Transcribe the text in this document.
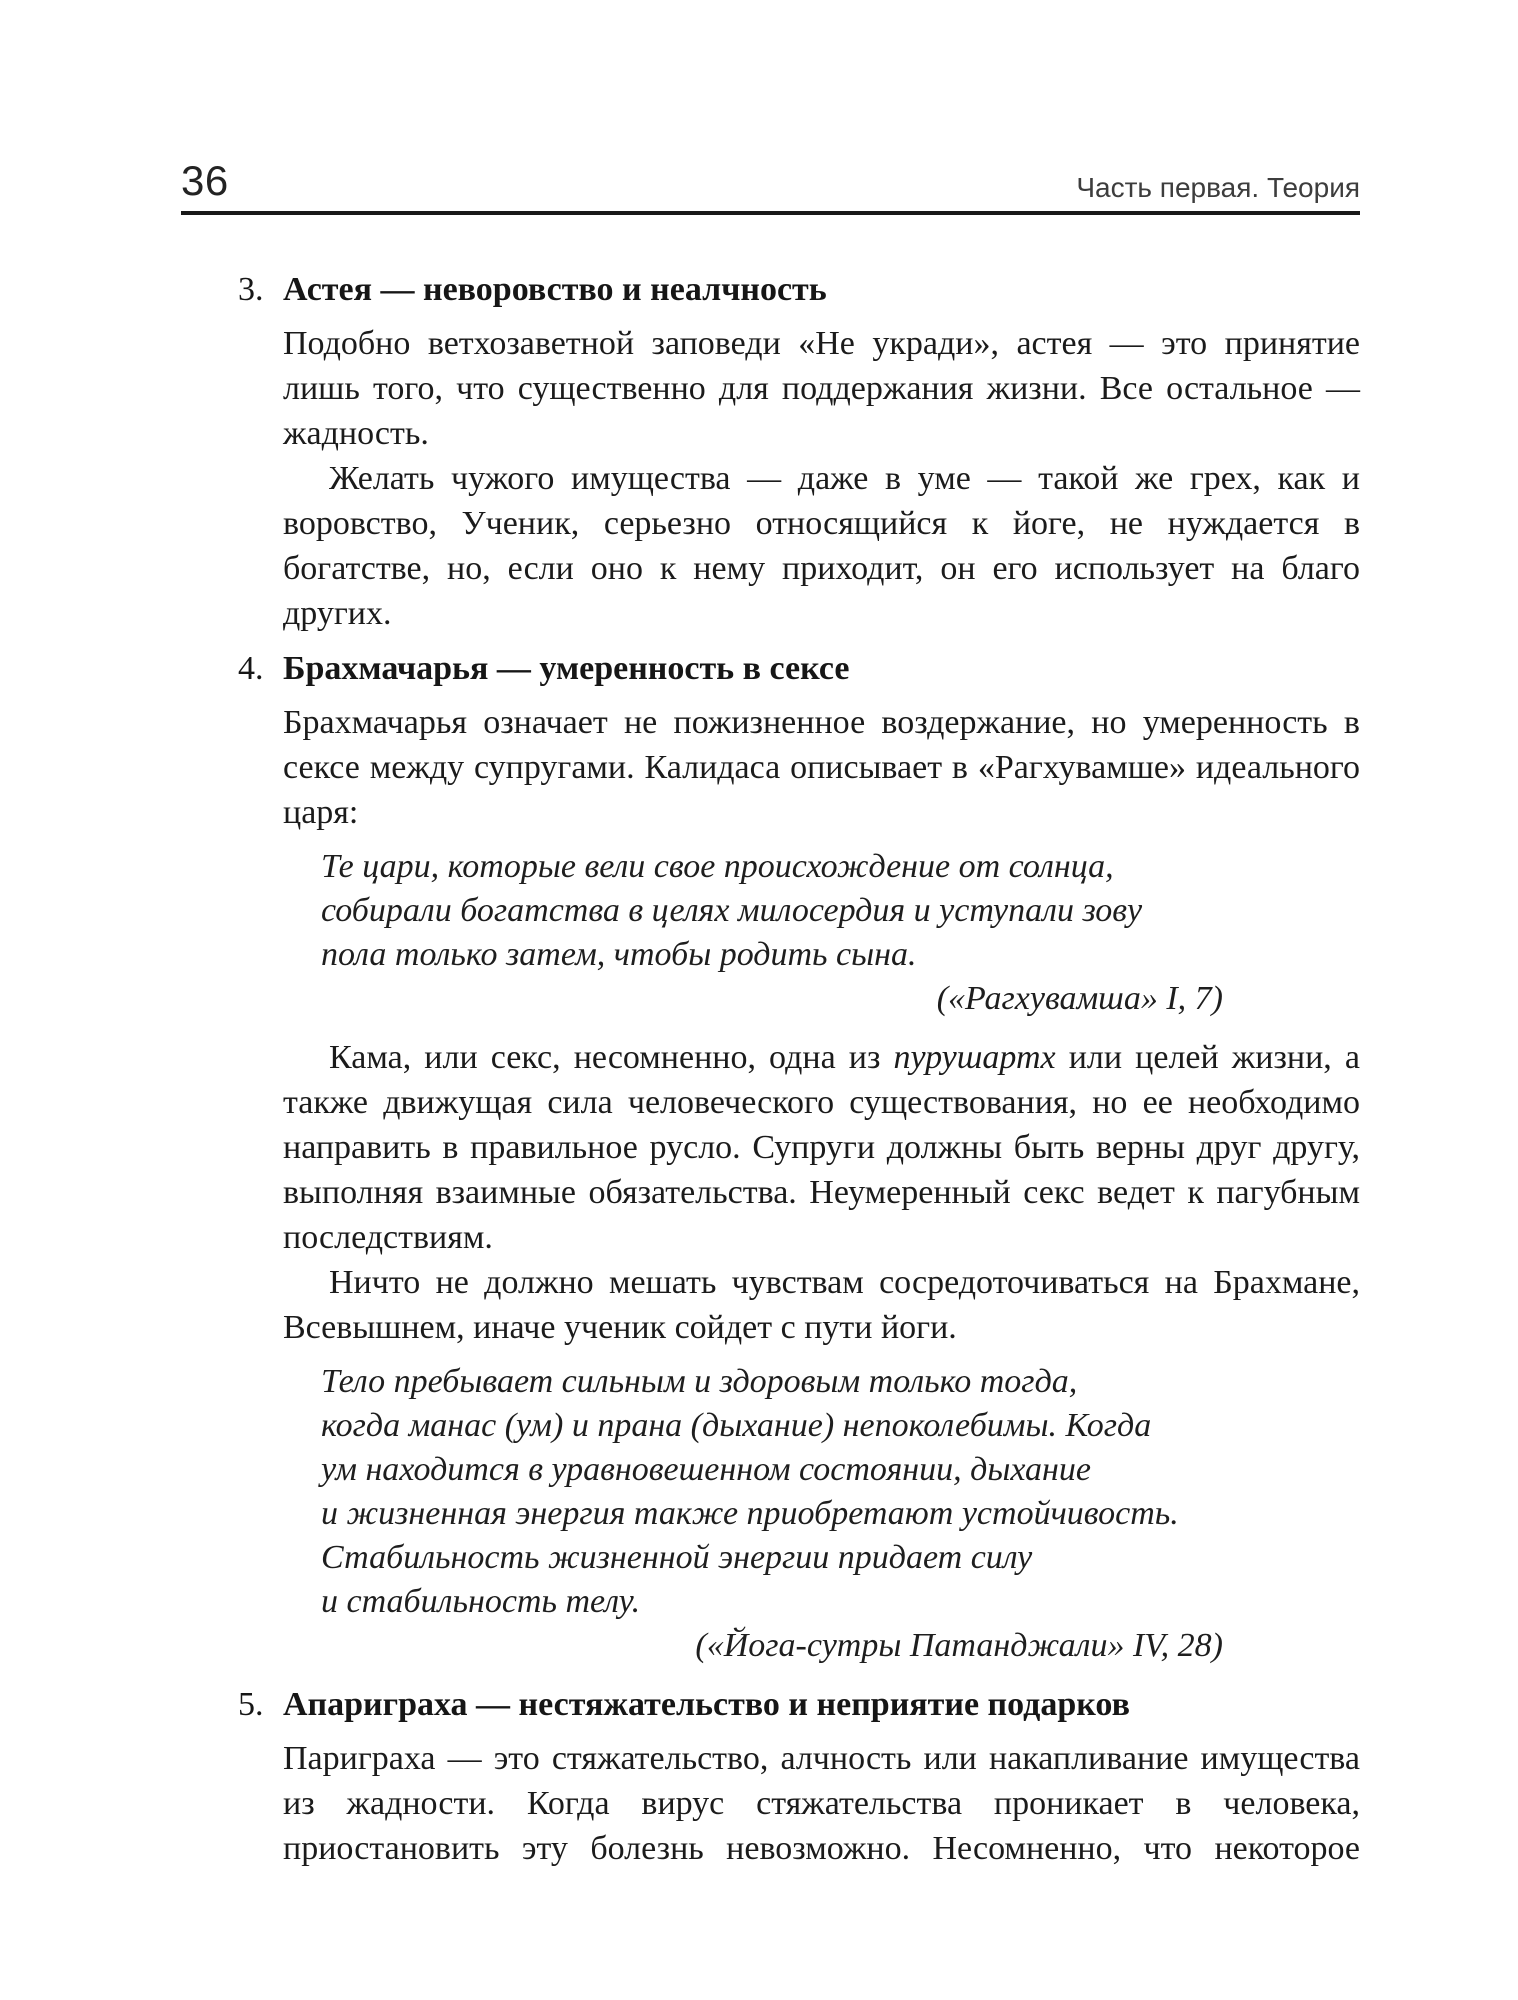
36	Часть первая. Теория
3. Астея — неворовство и неалчность

Подобно ветхозаветной заповеди «Не укради», астея — это принятие лишь того, что существенно для поддержания жизни. Все остальное — жадность.

Желать чужого имущества — даже в уме — такой же грех, как и воровство, Ученик, серьезно относящийся к йоге, не нуждается в богатстве, но, если оно к нему приходит, он его использует на благо других.

4. Брахмачарья — умеренность в сексе

Брахмачарья означает не пожизненное воздержание, но умеренность в сексе между супругами. Калидаса описывает в «Рагхувамше» идеального царя:

Те цари, которые вели свое происхождение от солнца,
собирали богатства в целях милосердия и уступали зову
пола только затем, чтобы родить сына.
(«Рагхувамша» I, 7)

Кама, или секс, несомненно, одна из пурушартх или целей жизни, а также движущая сила человеческого существования, но ее необходимо направить в правильное русло. Супруги должны быть верны друг другу, выполняя взаимные обязательства. Неумеренный секс ведет к пагубным последствиям.

Ничто не должно мешать чувствам сосредоточиваться на Брахмане, Всевышнем, иначе ученик сойдет с пути йоги.

Тело пребывает сильным и здоровым только тогда,
когда манас (ум) и прана (дыхание) непоколебимы. Когда
ум находится в уравновешенном состоянии, дыхание
и жизненная энергия также приобретают устойчивость.
Стабильность жизненной энергии придает силу
и стабильность телу.
(«Йога-сутры Патанджали» IV, 28)
5. Апариграха — нестяжательство и неприятие подарков

Париграха — это стяжательство, алчность или накапливание имущества из жадности. Когда вирус стяжательства проникает в человека, приостановить эту болезнь невозможно. Несомненно, что некоторое
